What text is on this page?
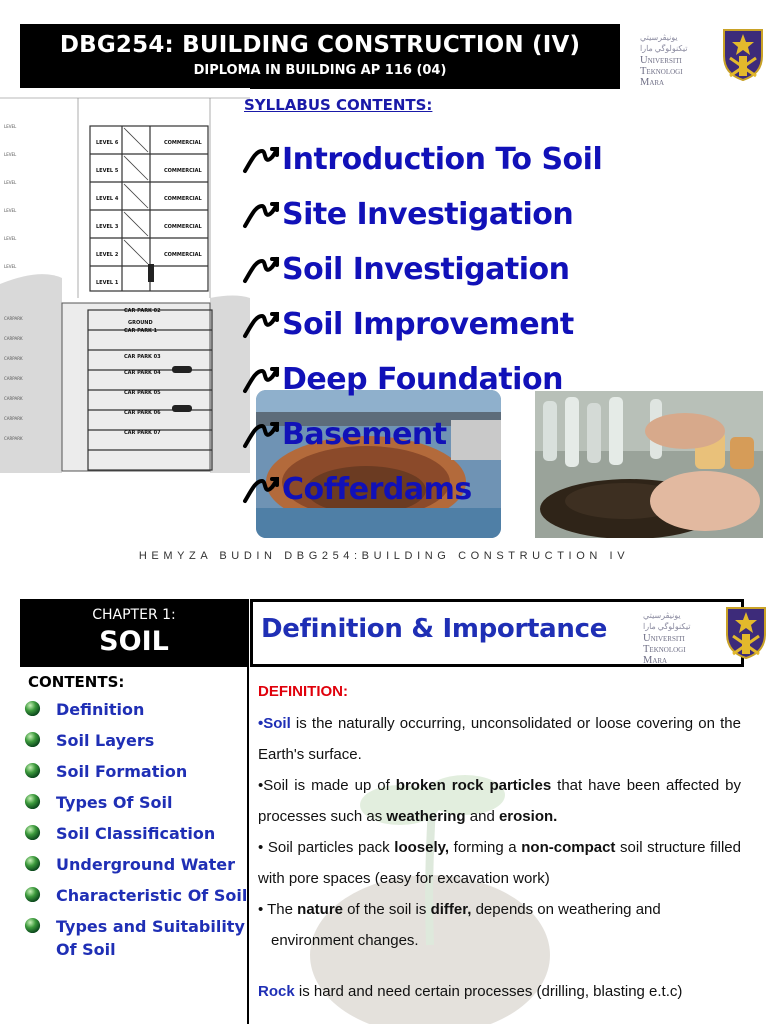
DBG254: BUILDING CONSTRUCTION (IV)
DIPLOMA IN BUILDING AP 116 (04)
ﻳﻮﻧﻴﭭﺮﺳﻴﺘﻲ ﺗﻴﻜﻨﻮﻟﻮﮔﻲ مارا
Universiti
Teknologi
Mara
LEVEL 6
LEVEL 5
LEVEL 4
LEVEL 3
LEVEL 2
LEVEL 1
COMMERCIAL
COMMERCIAL
COMMERCIAL
COMMERCIAL
COMMERCIAL
CAR PARK 02
GROUND
CAR PARK 1
CAR PARK 03
CAR PARK 04
CAR PARK 05
CAR PARK 06
CAR PARK 07
LEVEL
LEVEL
LEVEL
LEVEL
LEVEL
LEVEL
CARPARK
CARPARK
CARPARK
CARPARK
CARPARK
CARPARK
CARPARK
SYLLABUS CONTENTS:
Introduction To Soil
Site Investigation
Soil Investigation
Soil Improvement
Deep Foundation
Basement
Cofferdams
HEMYZA BUDIN DBG254:BUILDING CONSTRUCTION IV
CHAPTER 1:
SOIL
CONTENTS:
Definition
Soil Layers
Soil Formation
Types Of Soil
Soil Classification
Underground Water
Characteristic Of Soil
Types and Suitability Of Soil
Definition & Importance	ﻳﻮﻧﻴﭭﺮﺳﻴﺘﻲ ﺗﻴﻜﻨﻮﻟﻮﮔﻲ مارا
Universiti
Teknologi
Mara
DEFINITION:

•Soil is the naturally occurring, unconsolidated or loose covering on the Earth's surface.

•Soil is made up of broken rock particles that have been affected by processes such as weathering and erosion.

• Soil particles pack loosely, forming a non-compact soil structure filled with pore spaces (easy for excavation work)

• The nature of the soil is differ, depends on weathering and

environment changes.

Rock is hard and need certain processes (drilling, blasting e.t.c)
